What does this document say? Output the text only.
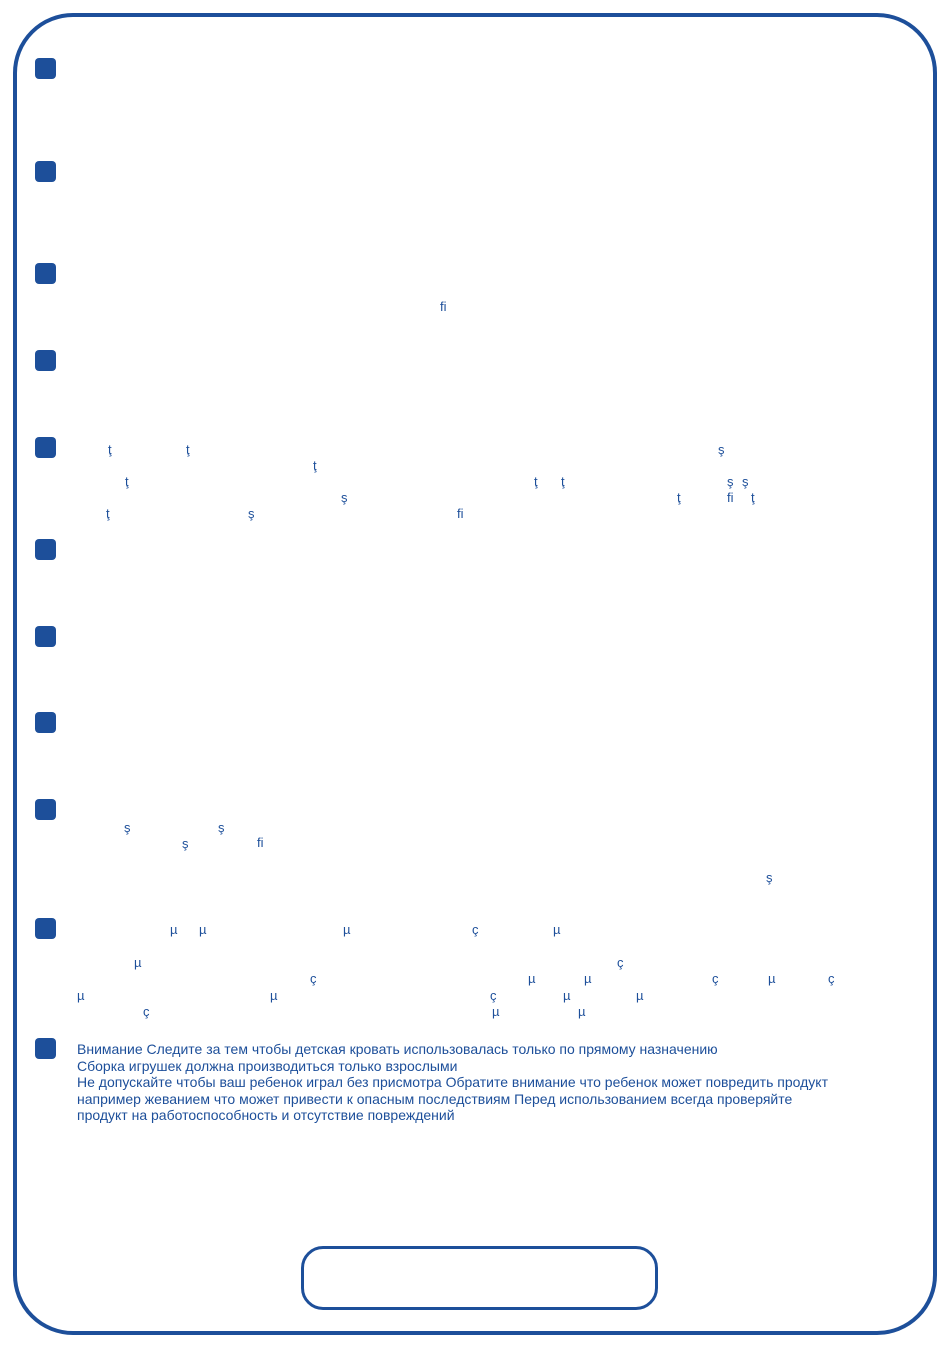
ﬁ
ţ	ţ	ş
ţ
ţ	ţ ţ	ş ş
ş	ţ	ﬁ ţ
ţ	ş	ﬁ
ş	ş
ş	ﬁ
ş
µ µ	µ	ç	µ
µ	ç
ç	µ	µ	ç	µ	ç
µ	µ	ç	µ	µ
ç	µ	µ

Внимание Следите за тем чтобы детская кровать использовалась только по прямому назначению
Сборка игрушек должна производиться только взрослыми
Не допускайте чтобы ваш ребенок играл без присмотра Обратите внимание что ребенок может повредить продукт
например жеванием что может привести к опасным последствиям Перед использованием всегда проверяйте
продукт на работоспособность и отсутствие повреждений
